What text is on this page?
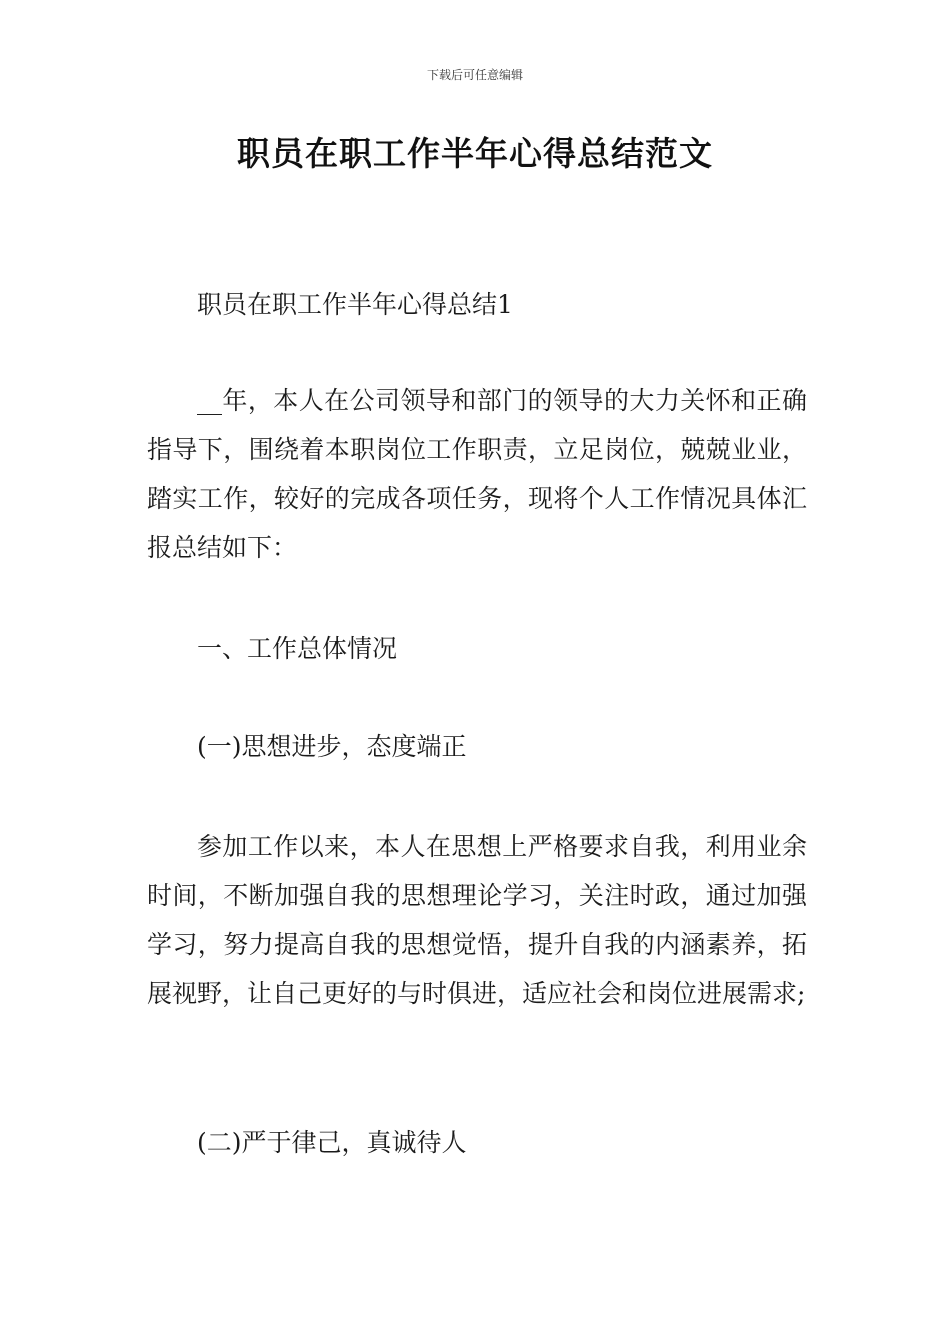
下载后可任意编辑
职员在职工作半年心得总结范文
职员在职工作半年心得总结1
__年，本人在公司领导和部门的领导的大力关怀和正确指导下，围绕着本职岗位工作职责，立足岗位，兢兢业业，踏实工作，较好的完成各项任务，现将个人工作情况具体汇报总结如下：
一、工作总体情况
(一)思想进步，态度端正
参加工作以来，本人在思想上严格要求自我，利用业余时间，不断加强自我的思想理论学习，关注时政，通过加强学习，努力提高自我的思想觉悟，提升自我的内涵素养，拓展视野，让自己更好的与时俱进，适应社会和岗位进展需求;
(二)严于律己，真诚待人
